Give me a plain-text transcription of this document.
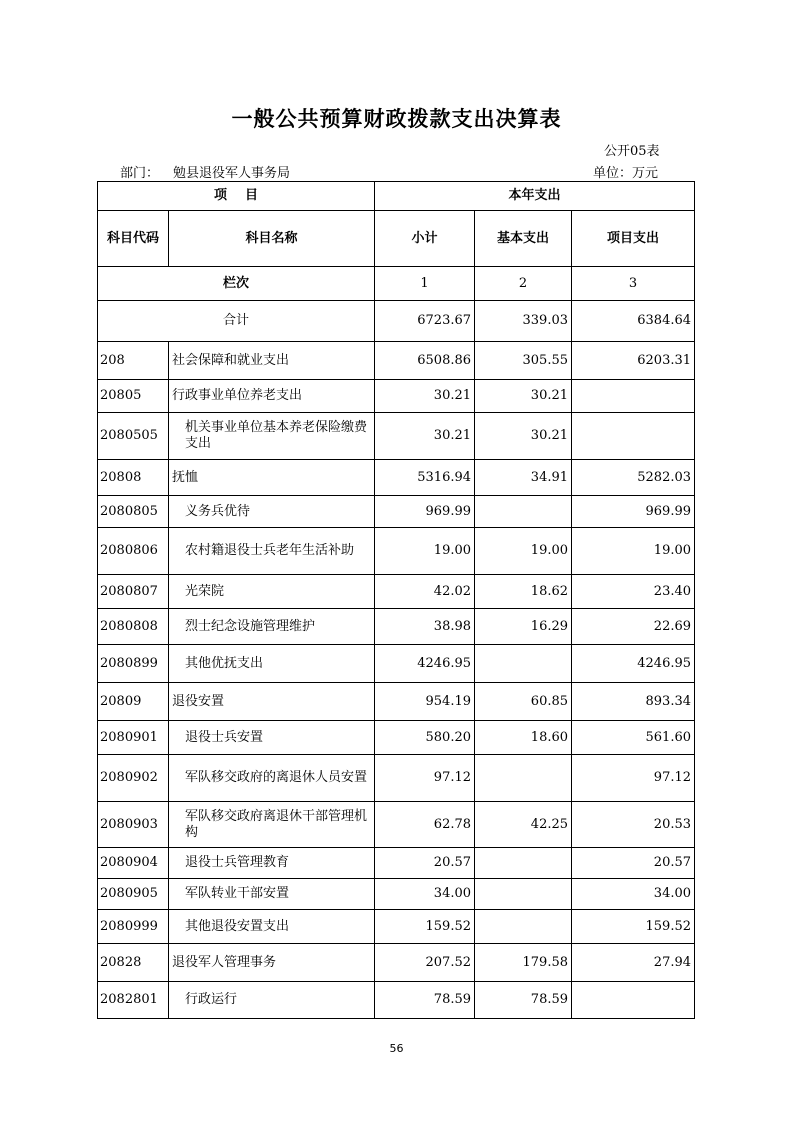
一般公共预算财政拨款支出决算表
公开05表
部门： 勉县退役军人事务局	单位：万元
项    目		本年支出		
科目代码	科目名称	小计	基本支出	项目支出
栏次		1	2	3
合计		6723.67	339.03	6384.64
208	社会保障和就业支出	6508.86	305.55	6203.31
20805	行政事业单位养老支出	30.21	30.21	
2080505	机关事业单位基本养老保险缴费支出	30.21	30.21	
20808	抚恤	5316.94	34.91	5282.03
2080805	义务兵优待	969.99		969.99
2080806	农村籍退役士兵老年生活补助	19.00	19.00	19.00
2080807	光荣院	42.02	18.62	23.40
2080808	烈士纪念设施管理维护	38.98	16.29	22.69
2080899	其他优抚支出	4246.95		4246.95
20809	退役安置	954.19	60.85	893.34
2080901	退役士兵安置	580.20	18.60	561.60
2080902	军队移交政府的离退休人员安置	97.12		97.12
2080903	军队移交政府离退休干部管理机构	62.78	42.25	20.53
2080904	退役士兵管理教育	20.57		20.57
2080905	军队转业干部安置	34.00		34.00
2080999	其他退役安置支出	159.52		159.52
20828	退役军人管理事务	207.52	179.58	27.94
2082801	行政运行	78.59	78.59	
56
